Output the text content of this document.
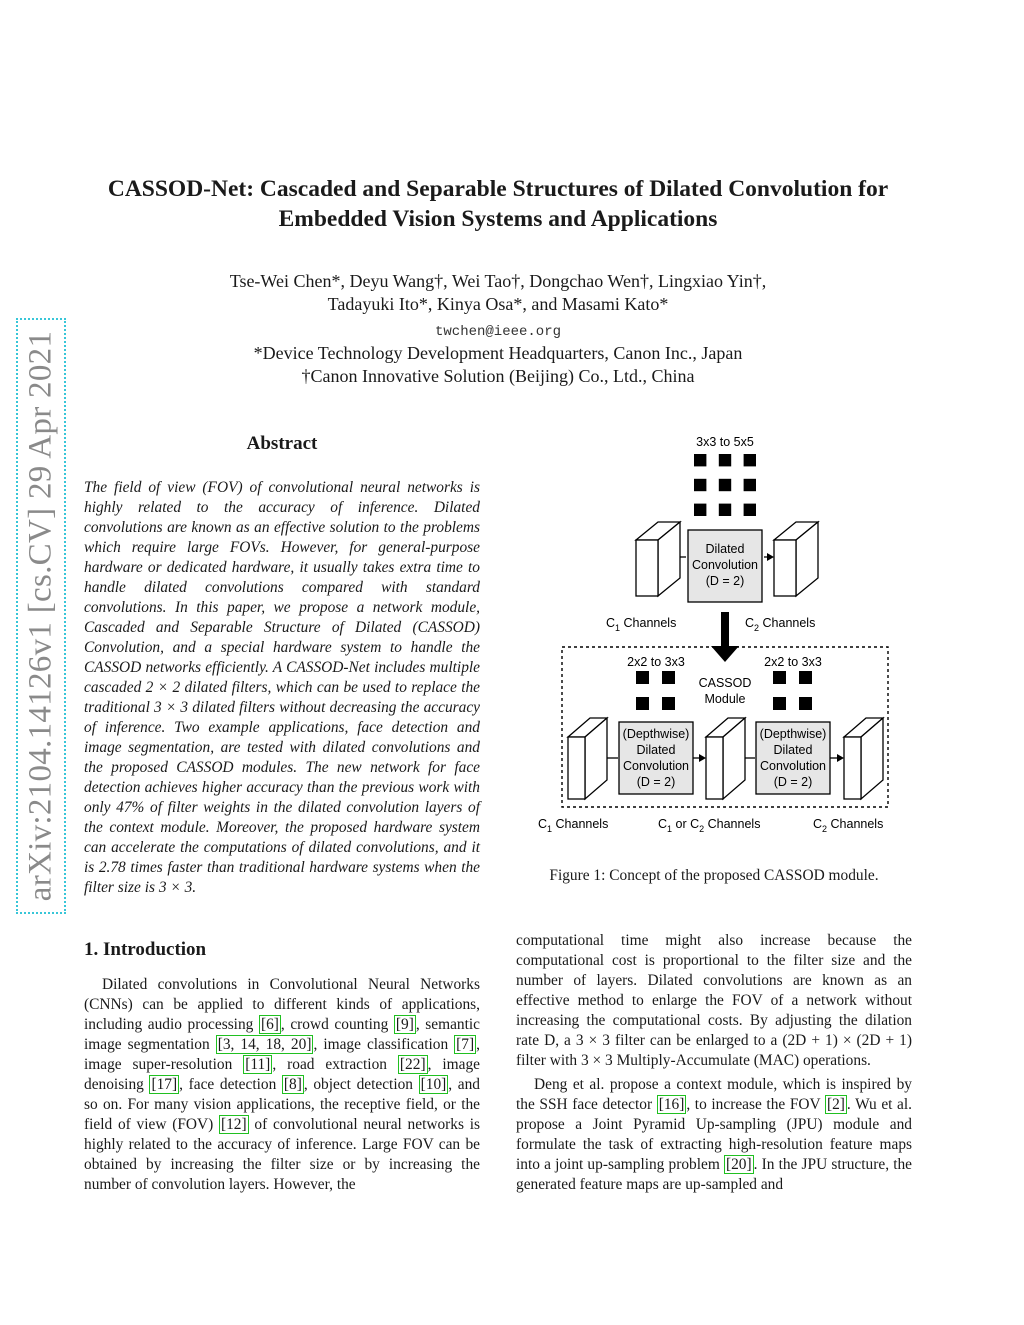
CASSOD-Net: Cascaded and Separable Structures of Dilated Convolution for
Embedded Vision Systems and Applications
Tse-Wei Chen*, Deyu Wang†, Wei Tao†, Dongchao Wen†, Lingxiao Yin†,
Tadayuki Ito*, Kinya Osa*, and Masami Kato*
twchen@ieee.org
*Device Technology Development Headquarters, Canon Inc., Japan
†Canon Innovative Solution (Beijing) Co., Ltd., China
arXiv:2104.14126v1 [cs.CV] 29 Apr 2021	Abstract
The field of view (FOV) of convolutional neural networks is highly related to the accuracy of inference. Dilated convolutions are known as an effective solution to the problems which require large FOVs. However, for general-purpose hardware or dedicated hardware, it usually takes extra time to handle dilated convolutions compared with standard convolutions. In this paper, we propose a network module, Cascaded and Separable Structure of Dilated (CASSOD) Convolution, and a special hardware system to handle the CASSOD networks efficiently. A CASSOD-Net includes multiple cascaded 2 × 2 dilated filters, which can be used to replace the traditional 3 × 3 dilated filters without decreasing the accuracy of inference. Two example applications, face detection and image segmentation, are tested with dilated convolutions and the proposed CASSOD modules. The new network for face detection achieves higher accuracy than the previous work with only 47% of filter weights in the dilated convolution layers of the context module. Moreover, the proposed hardware system can accelerate the computations of dilated convolutions, and it is 2.78 times faster than traditional hardware systems when the filter size is 3 × 3.
1. Introduction
Dilated convolutions in Convolutional Neural Networks (CNNs) can be applied to different kinds of applications, including audio processing [6] , crowd counting [9] , semantic image segmentation [3, 14, 18, 20] , image classification [7] , image super-resolution [11] , road extraction [22] , image denoising [17] , face detection [8] , object detection [10] , and so on. For many vision applications, the receptive field, or the field of view (FOV) [12] of convolutional neural networks is highly related to the accuracy of inference. Large FOV can be obtained by increasing the filter size or by increasing the number of convolution layers. However, the
computational time might also increase because the computational cost is proportional to the filter size and the number of layers. Dilated convolutions are known as an effective method to enlarge the FOV of a network without increasing the computational costs. By adjusting the dilation rate D, a 3 × 3 filter can be enlarged to a (2D + 1) × (2D + 1) filter with 3 × 3 Multiply-Accumulate (MAC) operations.
Deng et al. propose a context module, which is inspired by the SSH face detector [16] , to increase the FOV [2] . Wu et al. propose a Joint Pyramid Up-sampling (JPU) module and formulate the task of extracting high-resolution feature maps into a joint up-sampling problem [20] . In the JPU structure, the generated feature maps are up-sampled and
3x3 to 5x5
Dilated
Convolution
(D = 2)
$C_1$ Channels	$C_2$ Channels
2x2 to 3x3	2x2 to 3x3
CASSOD
Module
(Depthwise)
Dilated
Convolution
(D = 2)
(Depthwise)
Dilated
Convolution
(D = 2)
$C_1$ Channels	$C_1$ or $C_2$ Channels	$C_2$ Channels
Figure 1: Concept of the proposed CASSOD module.
